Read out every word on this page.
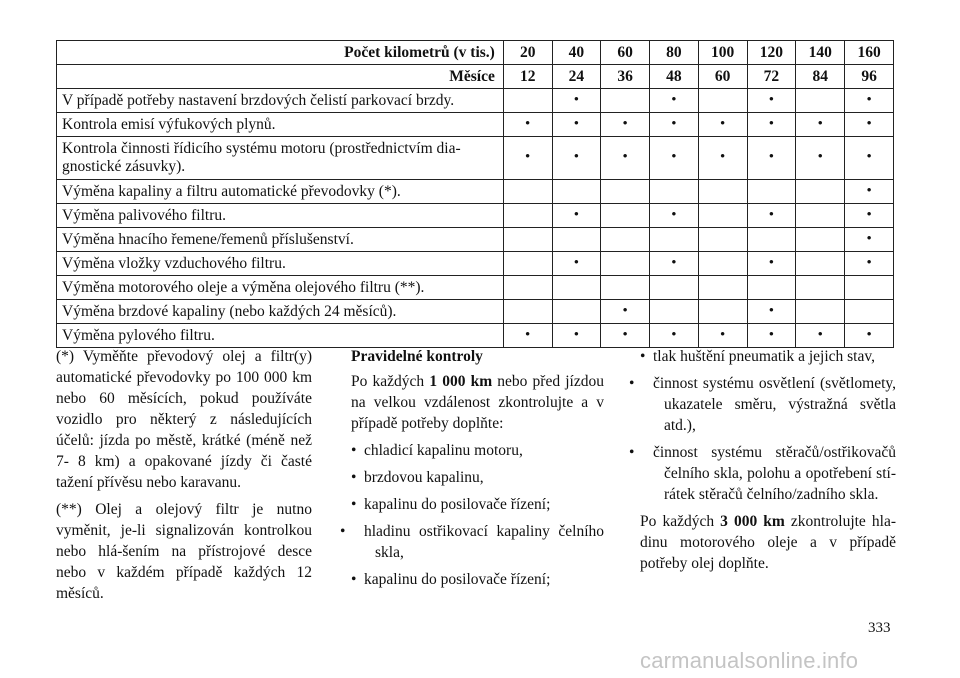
Počet kilometrů (v tis.)	20	40	60	80	100	120	140	160
Měsíce	12	24	36	48	60	72	84	96
V případě potřeby nastavení brzdových čelistí parkovací brzdy.		•		•		•		•
Kontrola emisí výfukových plynů.	•	•	•	•	•	•	•	•
Kontrola činnosti řídicího systému motoru (prostřednictvím dia-gnostické zásuvky).	•	•	•	•	•	•	•	•
Výměna kapaliny a filtru automatické převodovky (*).								•
Výměna palivového filtru.		•		•		•		•
Výměna hnacího řemene/řemenů příslušenství.								•
Výměna vložky vzduchového filtru.		•		•		•		•
Výměna motorového oleje a výměna olejového filtru (**).								
Výměna brzdové kapaliny (nebo každých 24 měsíců).			•			•		
Výměna pylového filtru.	•	•	•	•	•	•	•	•

(*) Vyměňte převodový olej a filtr(y) automatické převodovky po 100 000 km nebo 60 měsících, pokud používáte vozidlo pro některý z následujících účelů: jízda po městě, krátké (méně než 7- 8 km) a opakované jízdy či časté tažení přívěsu nebo karavanu.

(**) Olej a olejový filtr je nutno vyměnit, je-li signalizován kontrolkou nebo hlá-šením na přístrojové desce nebo v každém případě každých 12 měsíců.

Pravidelné kontroly

Po každých 1 000 km nebo před jízdou na velkou vzdálenost zkontrolujte a v případě potřeby doplňte:

• chladicí kapalinu motoru,
• brzdovou kapalinu,
• kapalinu do posilovače řízení;
• hladinu ostřikovací kapaliny čelního skla,
• kapalinu do posilovače řízení;
• tlak huštění pneumatik a jejich stav,
• činnost systému osvětlení (světlomety, ukazatele směru, výstražná světla atd.),
• činnost systému stěračů/ostřikovačů čelního skla, polohu a opotřebení stí-rátek stěračů čelního/zadního skla.

Po každých 3 000 km zkontrolujte hla-dinu motorového oleje a v případě potřeby olej doplňte.

333
carmanualsonline.info
